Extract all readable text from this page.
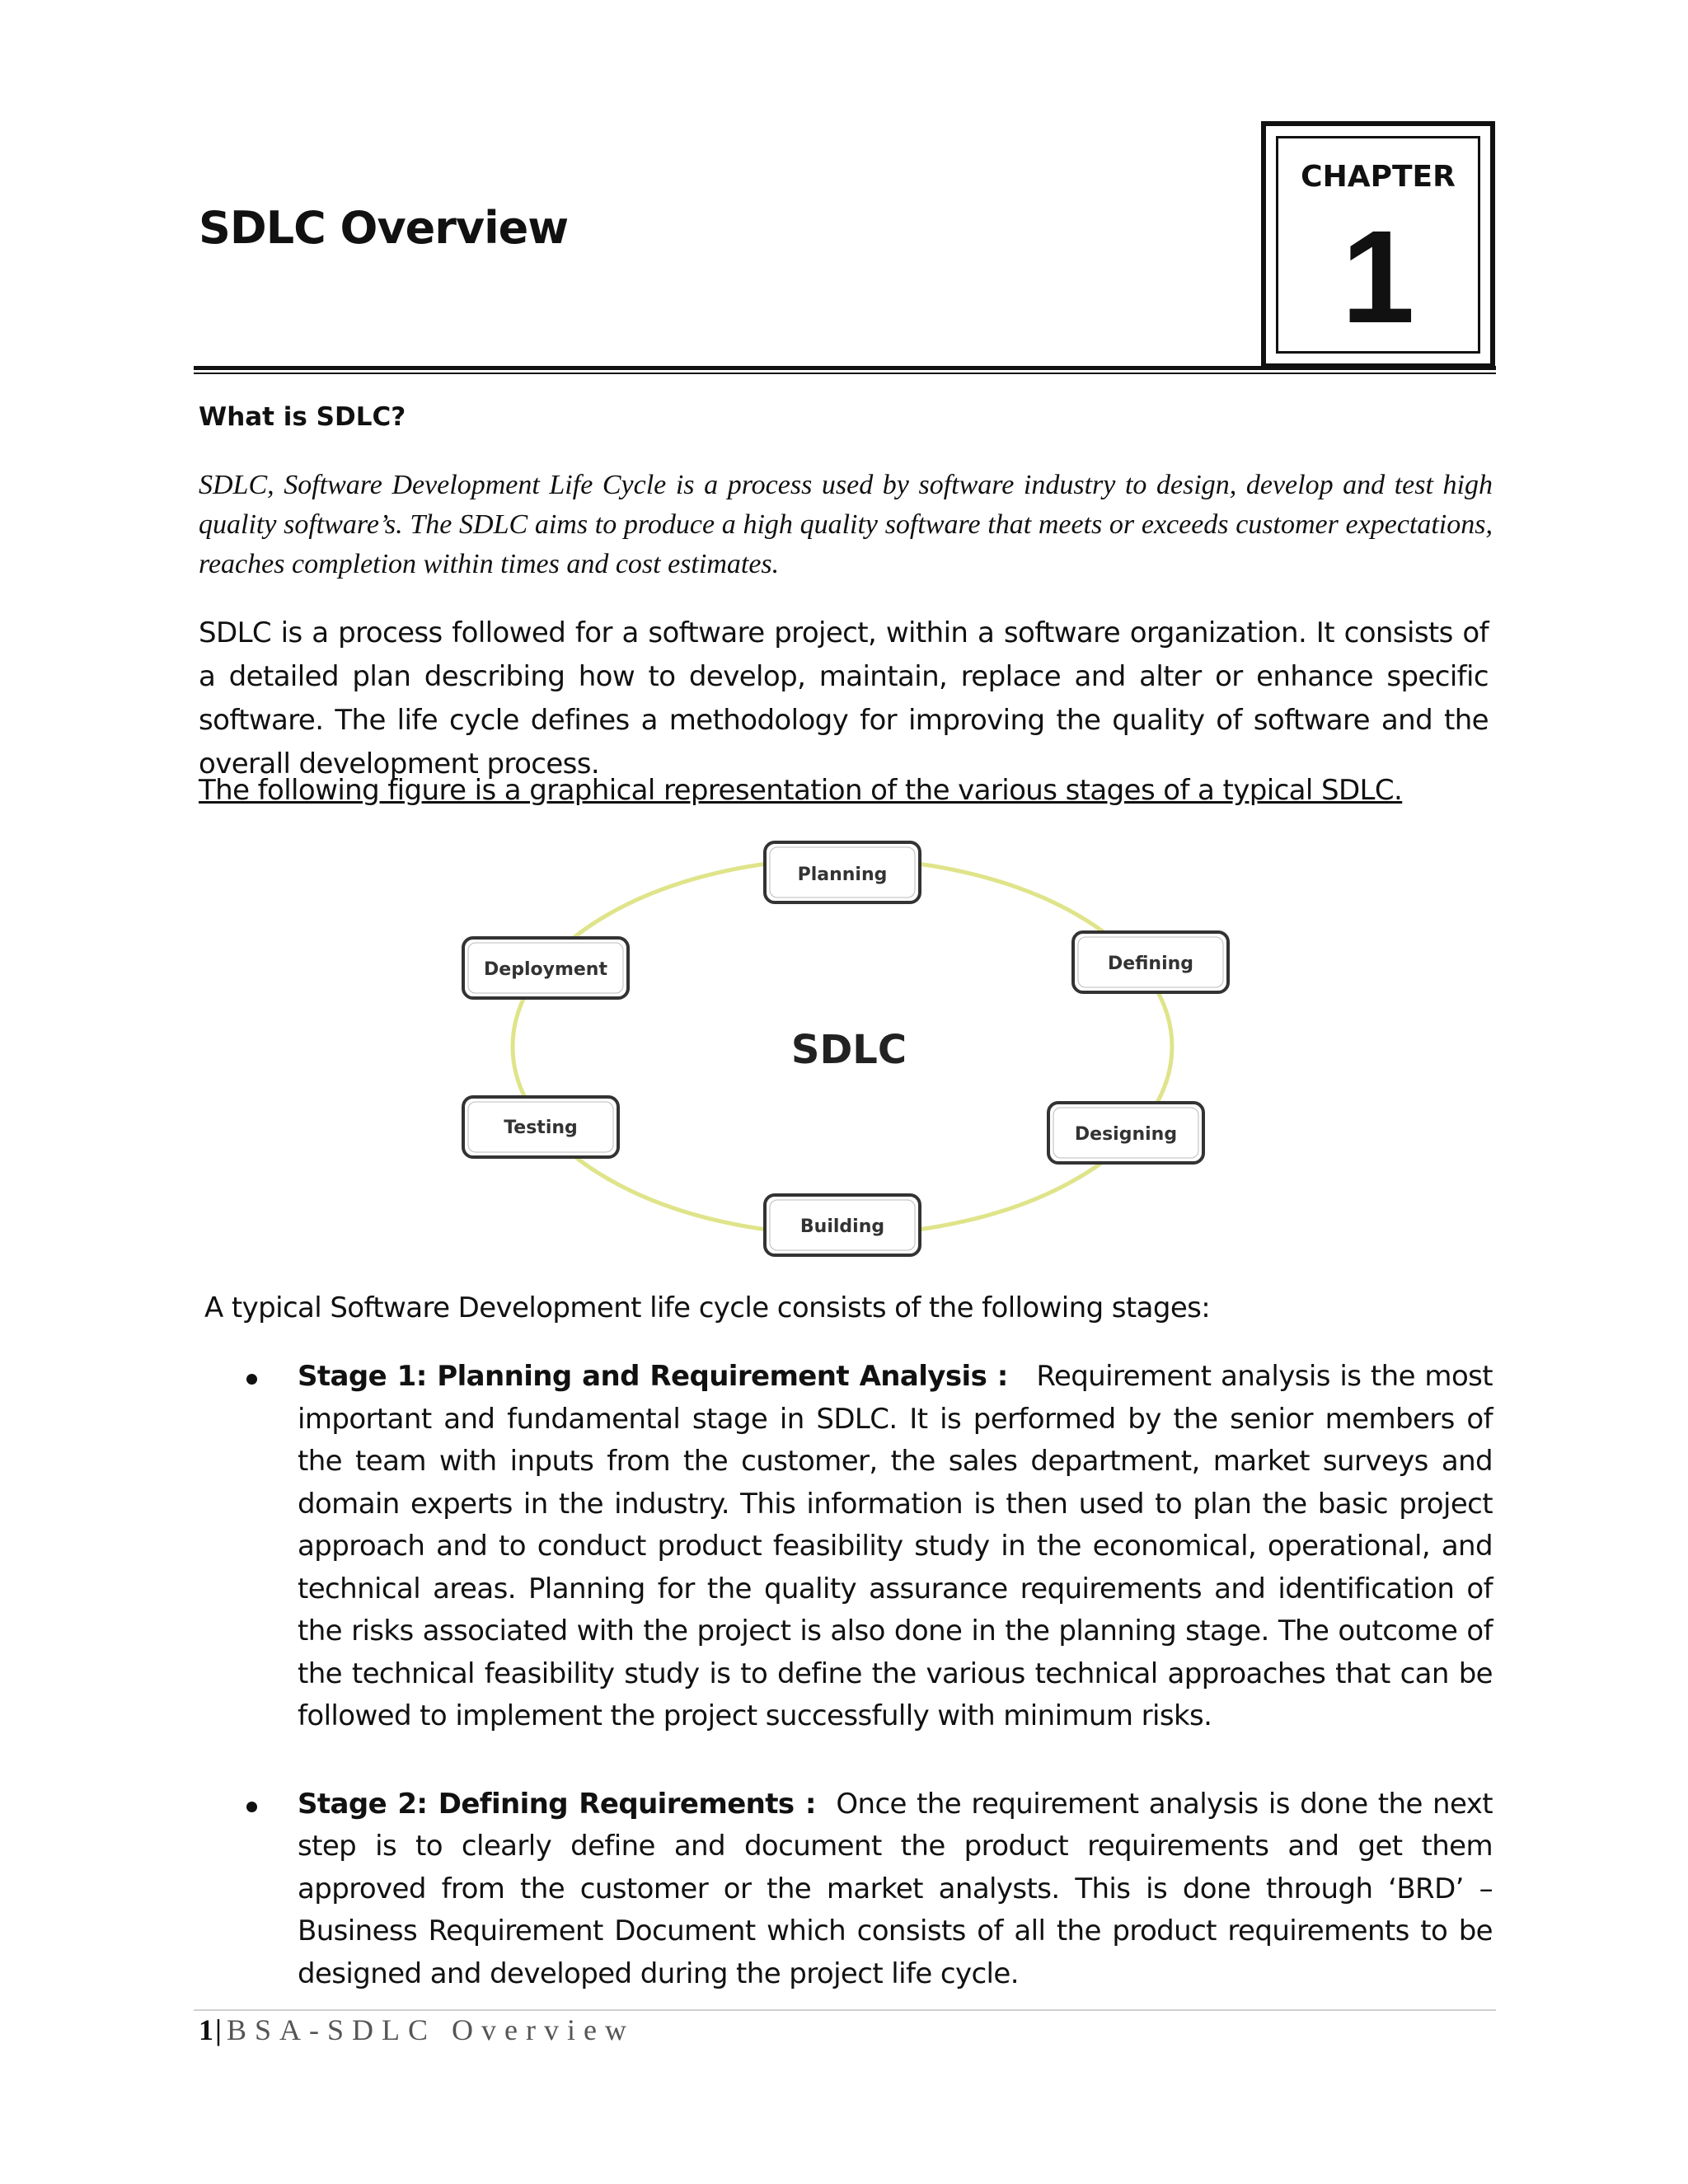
SDLC Overview
CHAPTER
1
What is SDLC?
SDLC, Software Development Life Cycle is a process used by software industry to design, develop and test high quality software’s. The SDLC aims to produce a high quality software that meets or exceeds customer expectations, reaches completion within times and cost estimates.
SDLC is a process followed for a software project, within a software organization. It consists of a detailed plan describing how to develop, maintain, replace and alter or enhance specific software. The life cycle defines a methodology for improving the quality of software and the overall development process.
The following figure is a graphical representation of the various stages of a typical SDLC.
SDLC
Planning
Defining
Designing
Building
Testing
Deployment
A typical Software Development life cycle consists of the following stages:

Stage 1: Planning and Requirement Analysis : Requirement analysis is the most important and fundamental stage in SDLC. It is performed by the senior members of the team with inputs from the customer, the sales department, market surveys and domain experts in the industry. This information is then used to plan the basic project approach and to conduct product feasibility study in the economical, operational, and technical areas. Planning for the quality assurance requirements and identification of the risks associated with the project is also done in the planning stage. The outcome of the technical feasibility study is to define the various technical approaches that can be followed to implement the project successfully with minimum risks.

Stage 2: Defining Requirements : Once the requirement analysis is done the next step is to clearly define and document the product requirements and get them approved from the customer or the market analysts. This is done through ‘BRD’ – Business Requirement Document which consists of all the product requirements to be designed and developed during the project life cycle.

1| BSA-SDLC Overview
